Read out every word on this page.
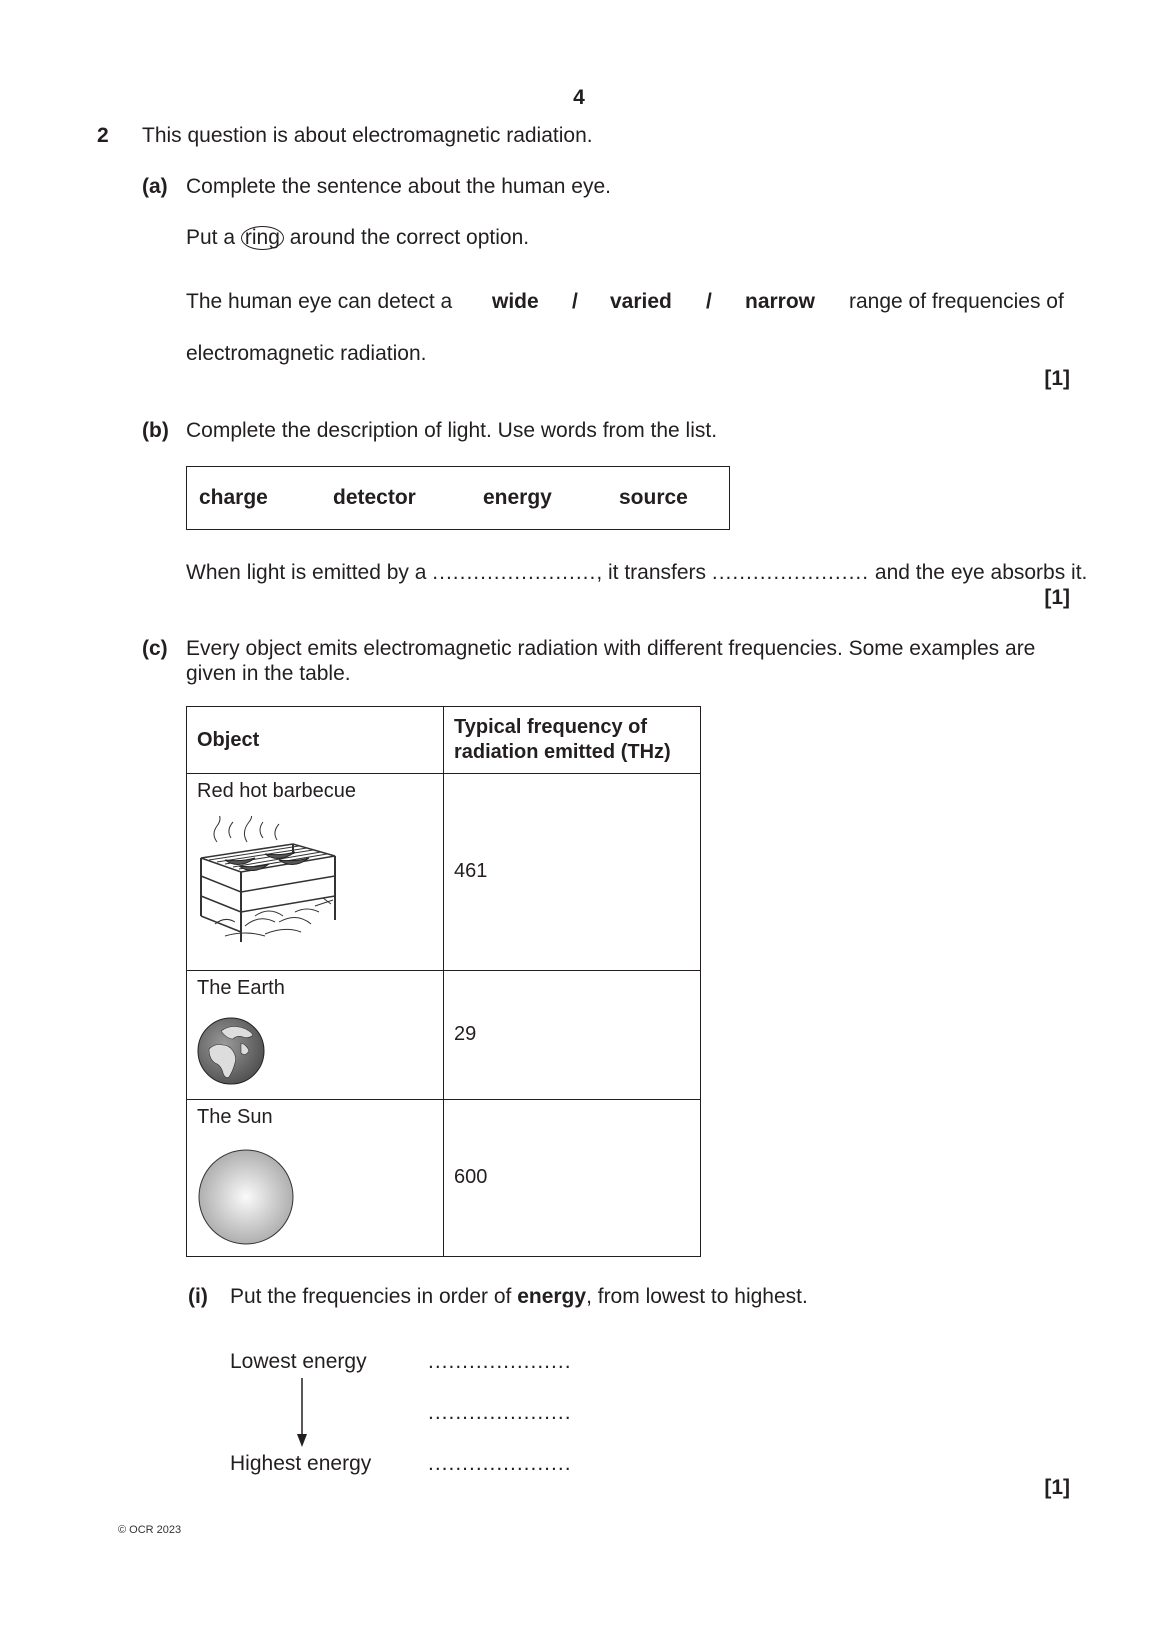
4
2 This question is about electromagnetic radiation.
(a) Complete the sentence about the human eye.
Put a ring around the correct option.
The human eye can detect a wide / varied / narrow range of frequencies of
electromagnetic radiation.
[1]
(b) Complete the description of light. Use words from the list.
charge	detector	energy	source
When light is emitted by a ........................, it transfers ....................... and the eye absorbs it.
[1]
(c) Every object emits electromagnetic radiation with different frequencies. Some examples are
given in the table.
Object	Typical frequency of
radiation emitted (THz)

Red hot barbecue	461

The Earth	29

The Sun	600
(i) Put the frequencies in order of energy, from lowest to highest.
Lowest energy	.....................
.....................
Highest energy	.....................
[1]
© OCR 2023
